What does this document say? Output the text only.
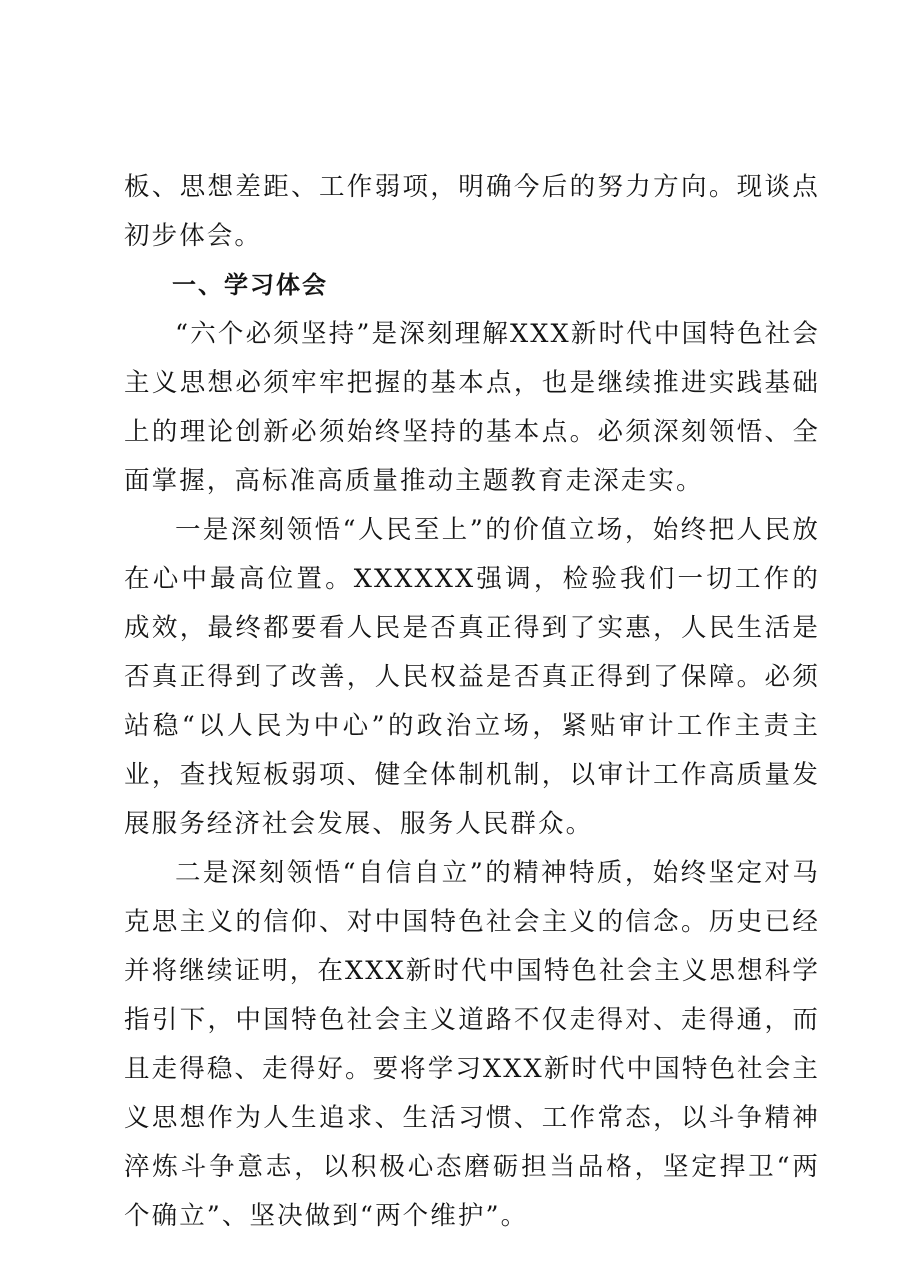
板、思想差距、工作弱项，明确今后的努力方向。现谈点初步体会。

一、学习体会

“六个必须坚持”是深刻理解XXX新时代中国特色社会主义思想必须牢牢把握的基本点，也是继续推进实践基础上的理论创新必须始终坚持的基本点。必须深刻领悟、全面掌握，高标准高质量推动主题教育走深走实。

一是深刻领悟“人民至上”的价值立场，始终把人民放在心中最高位置。XXXXXX强调，检验我们一切工作的成效，最终都要看人民是否真正得到了实惠，人民生活是否真正得到了改善，人民权益是否真正得到了保障。必须站稳“以人民为中心”的政治立场，紧贴审计工作主责主业，查找短板弱项、健全体制机制，以审计工作高质量发展服务经济社会发展、服务人民群众。

二是深刻领悟“自信自立”的精神特质，始终坚定对马克思主义的信仰、对中国特色社会主义的信念。历史已经并将继续证明，在XXX新时代中国特色社会主义思想科学指引下，中国特色社会主义道路不仅走得对、走得通，而且走得稳、走得好。要将学习XXX新时代中国特色社会主义思想作为人生追求、生活习惯、工作常态，以斗争精神淬炼斗争意志，以积极心态磨砺担当品格，坚定捍卫“两个确立”、坚决做到“两个维护”。
